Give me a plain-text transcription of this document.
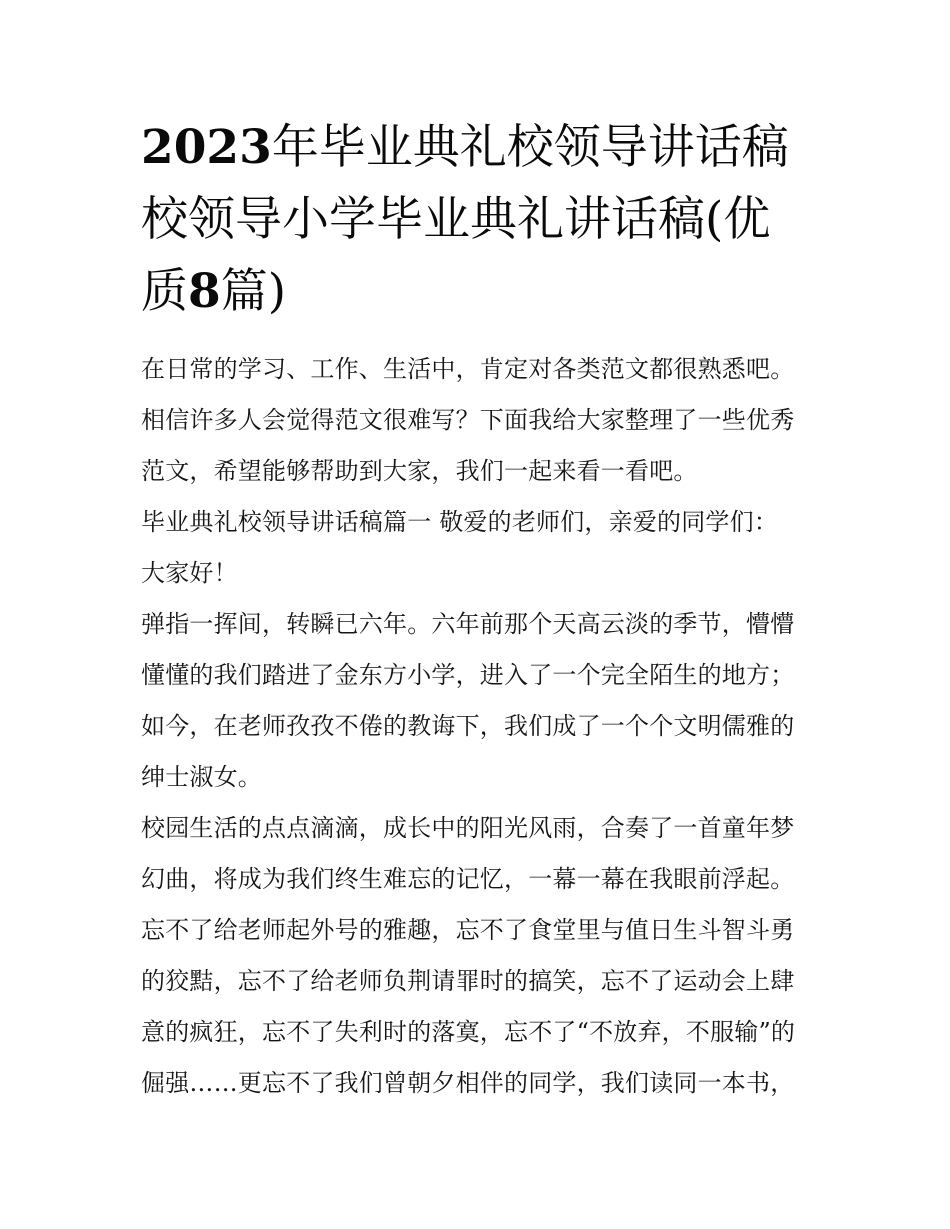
2023年毕业典礼校领导讲话稿校领导小学毕业典礼讲话稿(优质8篇)

在日常的学习、工作、生活中，肯定对各类范文都很熟悉吧。相信许多人会觉得范文很难写？下面我给大家整理了一些优秀范文，希望能够帮助到大家，我们一起来看一看吧。

毕业典礼校领导讲话稿篇一 敬爱的老师们，亲爱的同学们：

大家好！

弹指一挥间，转瞬已六年。六年前那个天高云淡的季节，懵懵懂懂的我们踏进了金东方小学，进入了一个完全陌生的地方；如今，在老师孜孜不倦的教诲下，我们成了一个个文明儒雅的绅士淑女。

校园生活的点点滴滴，成长中的阳光风雨，合奏了一首童年梦幻曲，将成为我们终生难忘的记忆，一幕一幕在我眼前浮起。忘不了给老师起外号的雅趣，忘不了食堂里与值日生斗智斗勇的狡黠，忘不了给老师负荆请罪时的搞笑，忘不了运动会上肆意的疯狂，忘不了失利时的落寞，忘不了“不放弃，不服输”的倔强……更忘不了我们曾朝夕相伴的同学，我们读同一本书，
